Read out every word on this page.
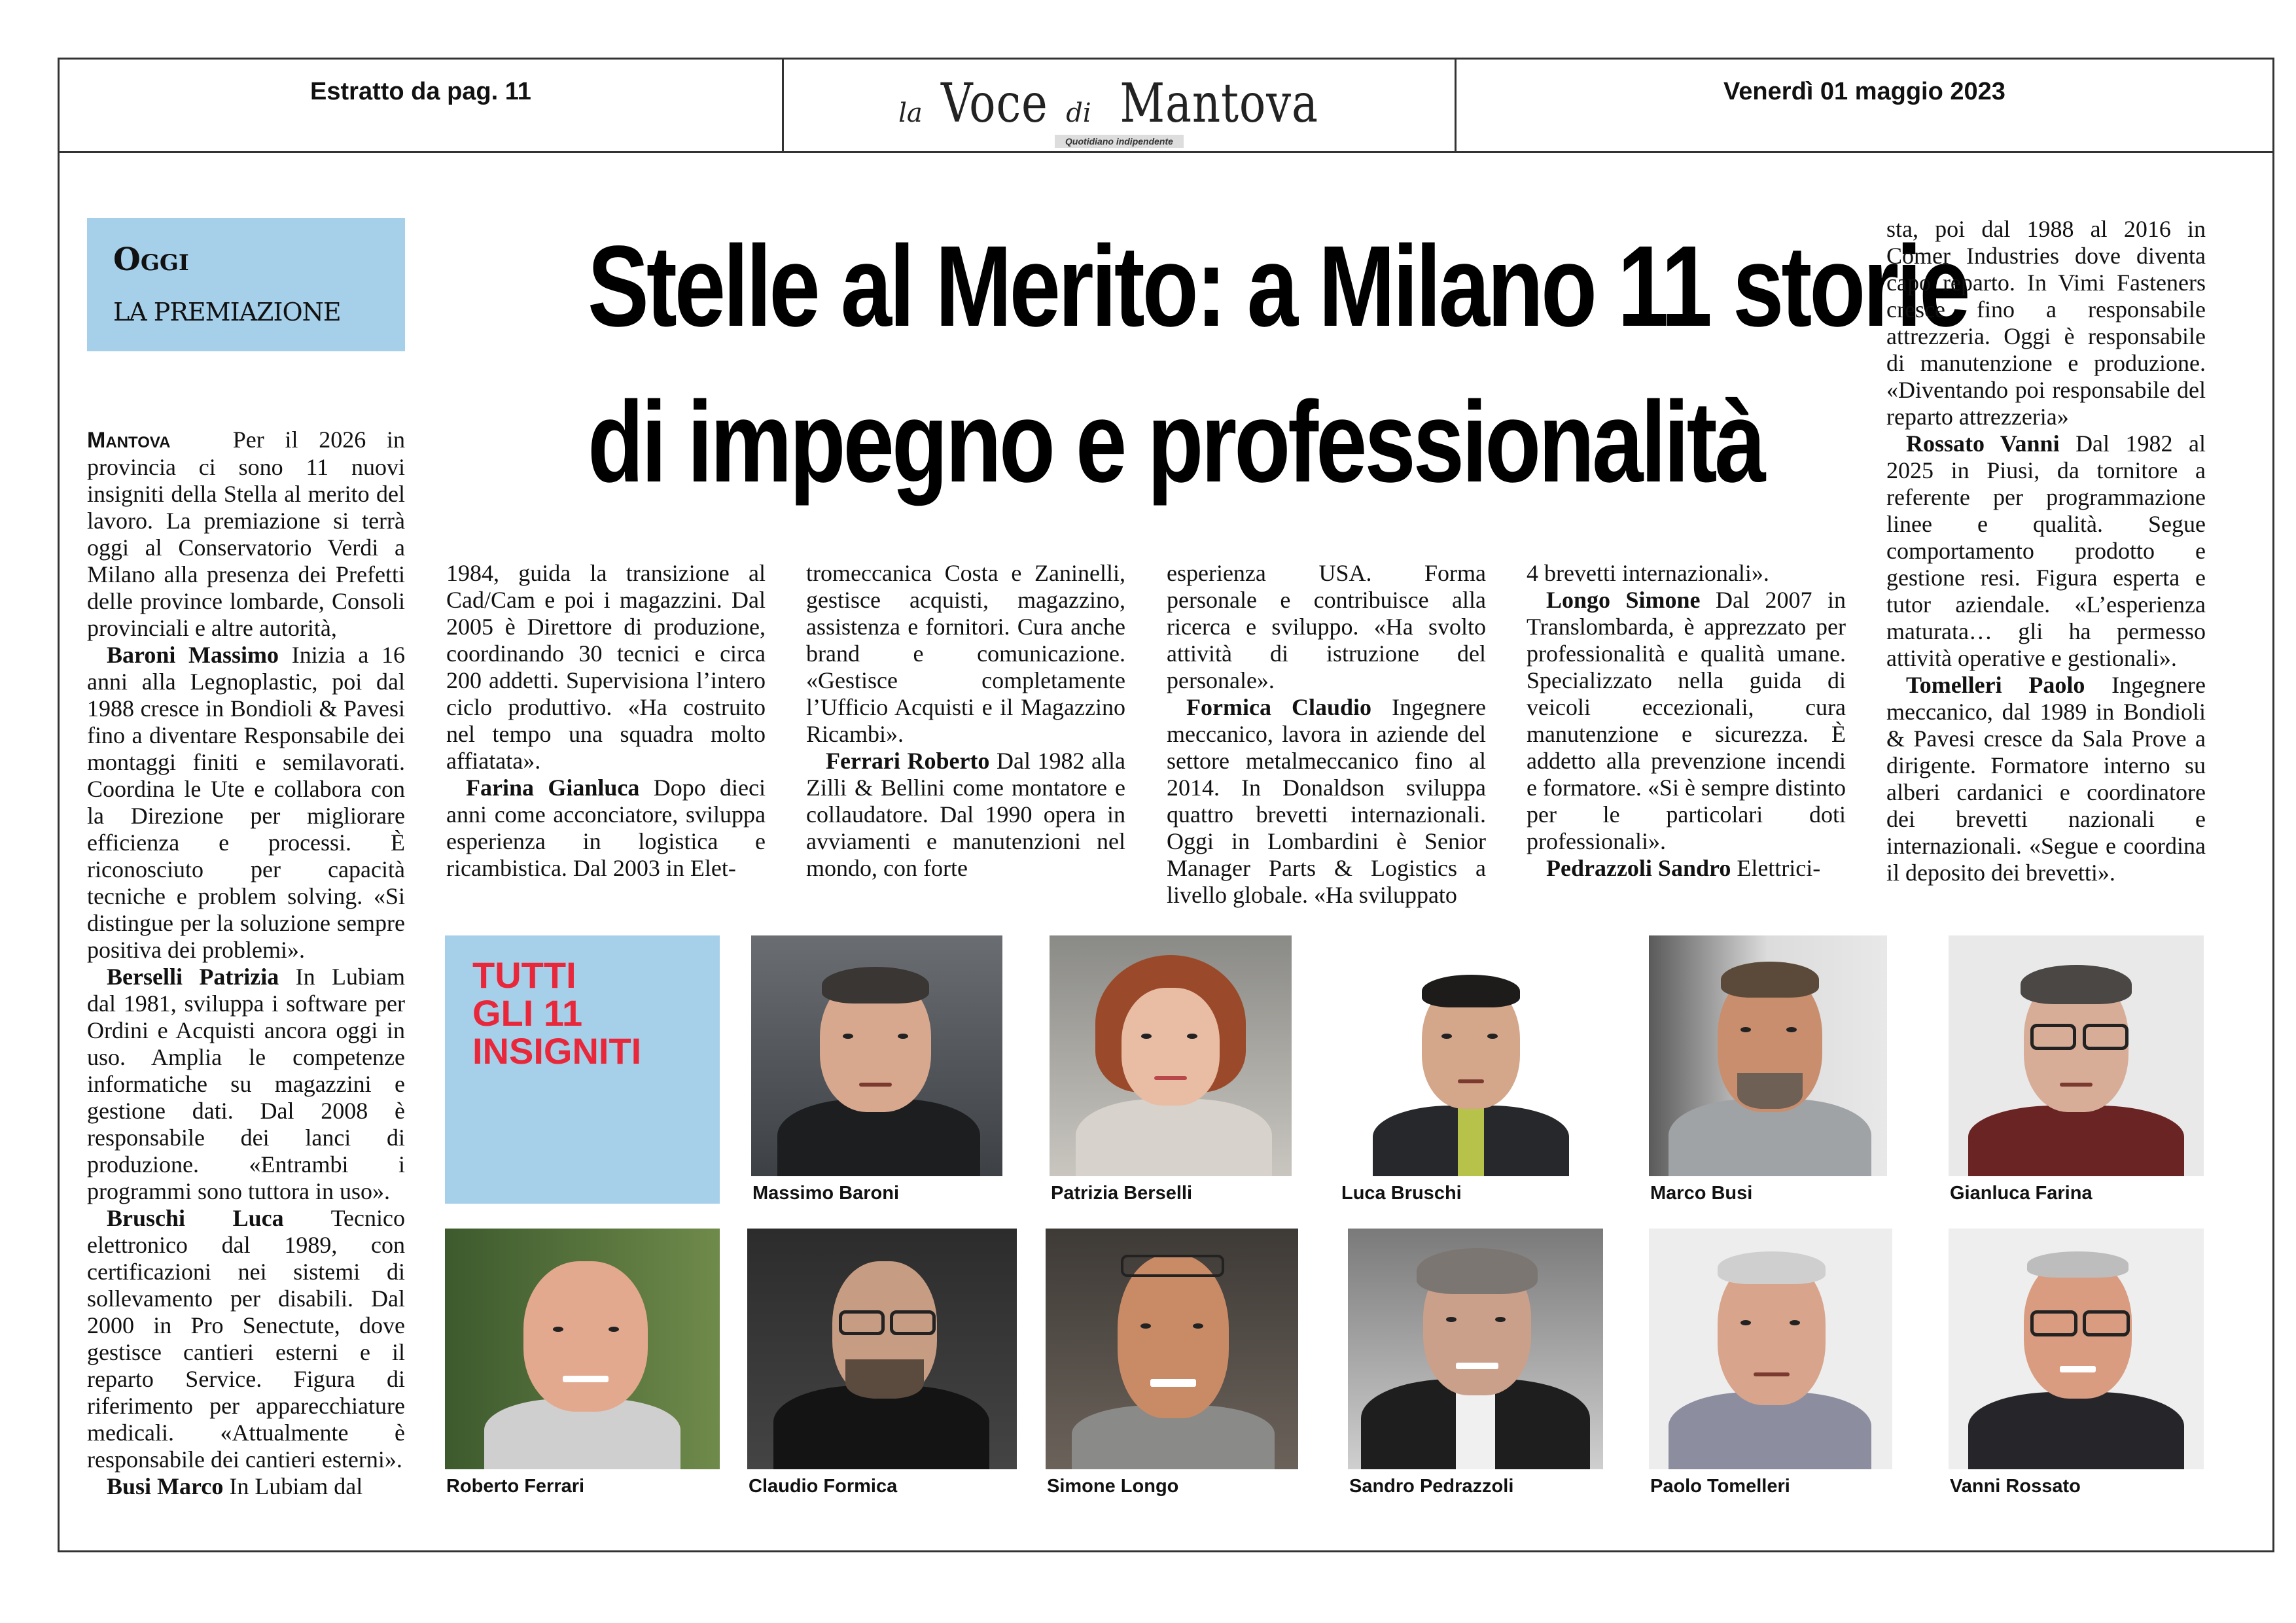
Estratto da pag. 11
la Voce di Mantova
Quotidiano indipendente
Venerdì 01 maggio 2023
Oggi
LA PREMIAZIONE Stelle al Merito: a Milano 11 storie
di impegno e professionalità

Mantova	Per il 2026 in provincia ci sono 11 nuovi insigniti della Stella al merito del lavoro. La premiazione si terrà oggi al Conservatorio Verdi a Milano alla presenza dei Prefetti delle province lombarde, Consoli provinciali e altre autorità,

Baroni Massimo Inizia a 16 anni alla Legnoplastic, poi dal 1988 cresce in Bondioli & Pavesi fino a diventare Responsabile dei montaggi finiti e semilavorati. Coordina le Ute e collabora con la Direzione per migliorare efficienza e processi. È riconosciuto per capacità tecniche e problem solving. «Si distingue per la soluzione sempre positiva dei problemi».

Berselli Patrizia In Lubiam dal 1981, sviluppa i software per Ordini e Acquisti ancora oggi in uso. Amplia le competenze informatiche su magazzini e gestione dati. Dal 2008 è responsabile dei lanci di produzione. «Entrambi i programmi sono tuttora in uso».

Bruschi Luca Tecnico elettronico dal 1989, con certificazioni nei sistemi di sollevamento per disabili. Dal 2000 in Pro Senectute, dove gestisce cantieri esterni e il reparto Service. Figura di riferimento per apparecchiature medicali. «Attualmente è responsabile dei cantieri esterni».

Busi Marco In Lubiam dal

1984, guida la transizione al Cad/Cam e poi i magazzini. Dal 2005 è Direttore di produzione, coordinando 30 tecnici e circa 200 addetti. Supervisiona l’intero ciclo produttivo. «Ha costruito nel tempo una squadra molto affiatata».

Farina Gianluca Dopo dieci anni come acconciatore, sviluppa esperienza in logistica e ricambistica. Dal 2003 in Elet-

tromeccanica Costa e Zaninelli, gestisce acquisti, magazzino, assistenza e fornitori. Cura anche brand e comunicazione. «Gestisce completamente l’Ufficio Acquisti e il Magazzino Ricambi».

Ferrari Roberto Dal 1982 alla Zilli & Bellini come montatore e collaudatore. Dal 1990 opera in avviamenti e manutenzioni nel mondo, con forte

esperienza USA. Forma personale e contribuisce alla ricerca e sviluppo. «Ha svolto attività di istruzione del personale».

Formica Claudio Ingegnere meccanico, lavora in aziende del settore metalmeccanico fino al 2014. In Donaldson sviluppa quattro brevetti internazionali. Oggi in Lombardini è Senior Manager Parts & Logistics a livello globale. «Ha sviluppato

4 brevetti internazionali».

Longo Simone Dal 2007 in Translombarda, è apprezzato per professionalità e qualità umane. Specializzato nella guida di veicoli eccezionali, cura manutenzione e sicurezza. È addetto alla prevenzione incendi e formatore. «Si è sempre distinto per le particolari doti professionali».

Pedrazzoli Sandro Elettrici-

sta, poi dal 1988 al 2016 in Comer Industries dove diventa capo reparto. In Vimi Fasteners cresce fino a responsabile attrezzeria. Oggi è responsabile di manutenzione e produzione. «Diventando poi responsabile del reparto attrezzeria»

Rossato Vanni Dal 1982 al 2025 in Piusi, da tornitore a referente per programmazione linee e qualità. Segue comportamento prodotto e gestione resi. Figura esperta e tutor aziendale. «L’esperienza maturata… gli ha permesso attività operative e gestionali».

Tomelleri Paolo Ingegnere meccanico, dal 1989 in Bondioli & Pavesi cresce da Sala Prove a dirigente. Formatore interno su alberi cardanici e coordinatore dei brevetti nazionali e internazionali. «Segue e coordina il deposito dei brevetti».

TUTTI
GLI 11
INSIGNITI
Massimo Baroni	Patrizia Berselli	Luca Bruschi	Marco Busi	Gianluca Farina
Roberto Ferrari	Claudio Formica	Simone Longo	Sandro Pedrazzoli	Paolo Tomelleri	Vanni Rossato
